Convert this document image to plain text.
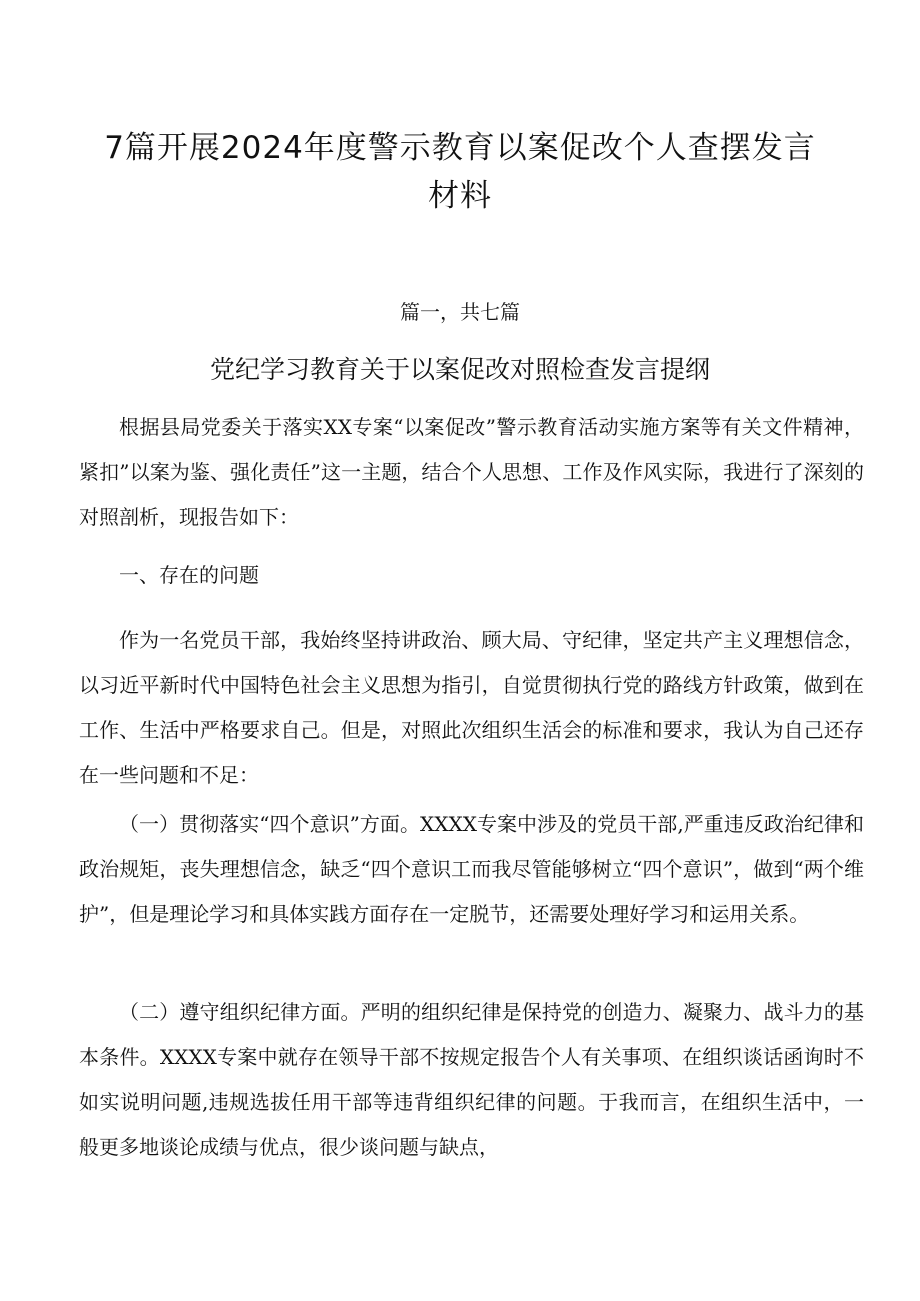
7篇开展2024年度警示教育以案促改个人查摆发言
材料
篇一，共七篇
党纪学习教育关于以案促改对照检查发言提纲

根据县局党委关于落实XX专案“以案促改”警示教育活动实施方案等有关文件精神，紧扣”以案为鉴、强化责任”这一主题，结合个人思想、工作及作风实际，我进行了深刻的对照剖析，现报告如下：

一、存在的问题

作为一名党员干部，我始终坚持讲政治、顾大局、守纪律，坚定共产主义理想信念，以习近平新时代中国特色社会主义思想为指引，自觉贯彻执行党的路线方针政策，做到在工作、生活中严格要求自己。但是，对照此次组织生活会的标准和要求，我认为自己还存在一些问题和不足：

（一）贯彻落实“四个意识”方面。XXXX专案中涉及的党员干部,严重违反政治纪律和政治规矩，丧失理想信念，缺乏“四个意识工而我尽管能够树立“四个意识”，做到“两个维护”，但是理论学习和具体实践方面存在一定脱节，还需要处理好学习和运用关系。

（二）遵守组织纪律方面。严明的组织纪律是保持党的创造力、凝聚力、战斗力的基本条件。XXXX专案中就存在领导干部不按规定报告个人有关事项、在组织谈话函询时不如实说明问题,违规选拔任用干部等违背组织纪律的问题。于我而言，在组织生活中，一般更多地谈论成绩与优点，很少谈问题与缺点，
